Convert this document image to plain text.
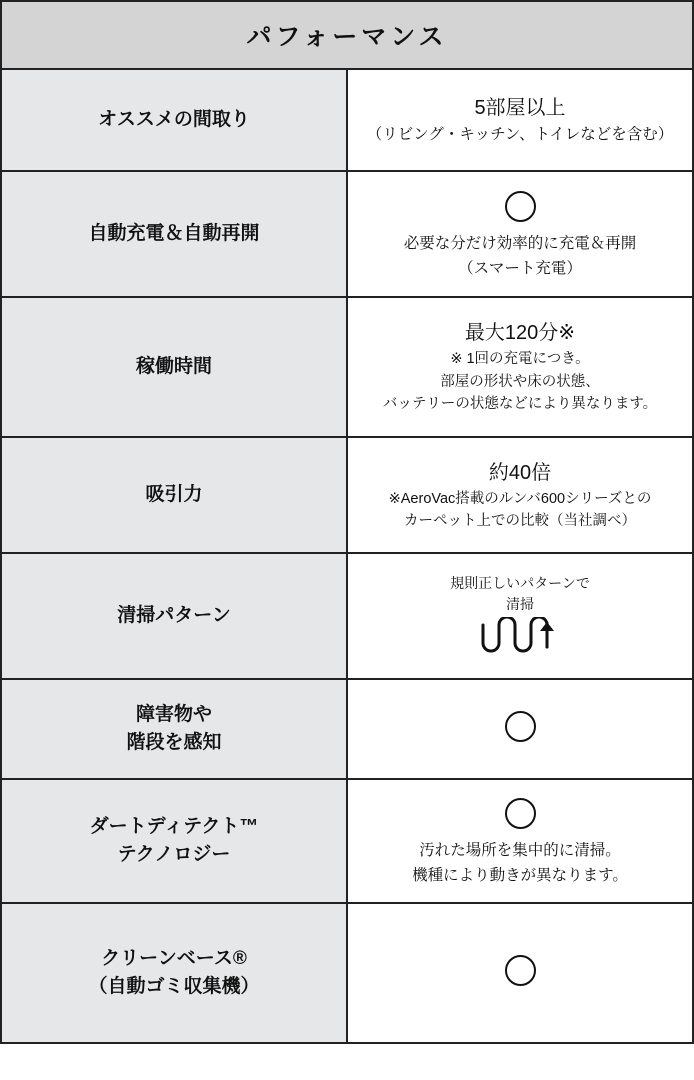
パフォーマンス	
オススメの間取り	5部屋以上
（リビング・キッチン、トイレなどを含む）

自動充電＆自動再開	必要な分だけ効率的に充電＆再開
（スマート充電）

稼働時間	最大120分※
※ 1回の充電につき。
部屋の形状や床の状態、
バッテリーの状態などにより異なります。

吸引力	約40倍
※AeroVac搭載のルンバ600シリーズとの
カーペット上での比較（当社調べ）

清掃パターン	規則正しいパターンで
清掃

障害物や
階段を感知	

ダートディテクト™
テクノロジー	汚れた場所を集中的に清掃。
機種により動きが異なります。

クリーンベース®
（自動ゴミ収集機）	
